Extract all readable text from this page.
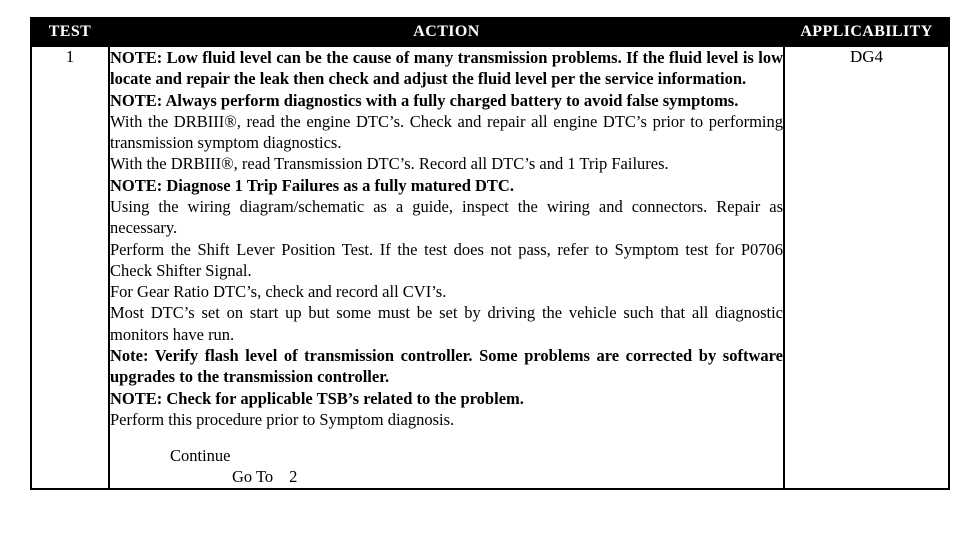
TEST	ACTION	APPLICABILITY
1	NOTE: Low fluid level can be the cause of many transmission problems. If the fluid level is low locate and repair the leak then check and adjust the fluid level per the service information.
NOTE: Always perform diagnostics with a fully charged battery to avoid false symptoms.
With the DRBIII®, read the engine DTC’s. Check and repair all engine DTC’s prior to performing transmission symptom diagnostics.
With the DRBIII®, read Transmission DTC’s. Record all DTC’s and 1 Trip Failures.
NOTE: Diagnose 1 Trip Failures as a fully matured DTC.
Using the wiring diagram/schematic as a guide, inspect the wiring and connectors. Repair as necessary.
Perform the Shift Lever Position Test. If the test does not pass, refer to Symptom test for P0706 Check Shifter Signal.
For Gear Ratio DTC’s, check and record all CVI’s.
Most DTC’s set on start up but some must be set by driving the vehicle such that all diagnostic monitors have run.
Note: Verify flash level of transmission controller. Some problems are corrected by software upgrades to the transmission controller.
NOTE: Check for applicable TSB’s related to the problem.
Perform this procedure prior to Symptom diagnosis.
Continue
Go To 2
	DG4
